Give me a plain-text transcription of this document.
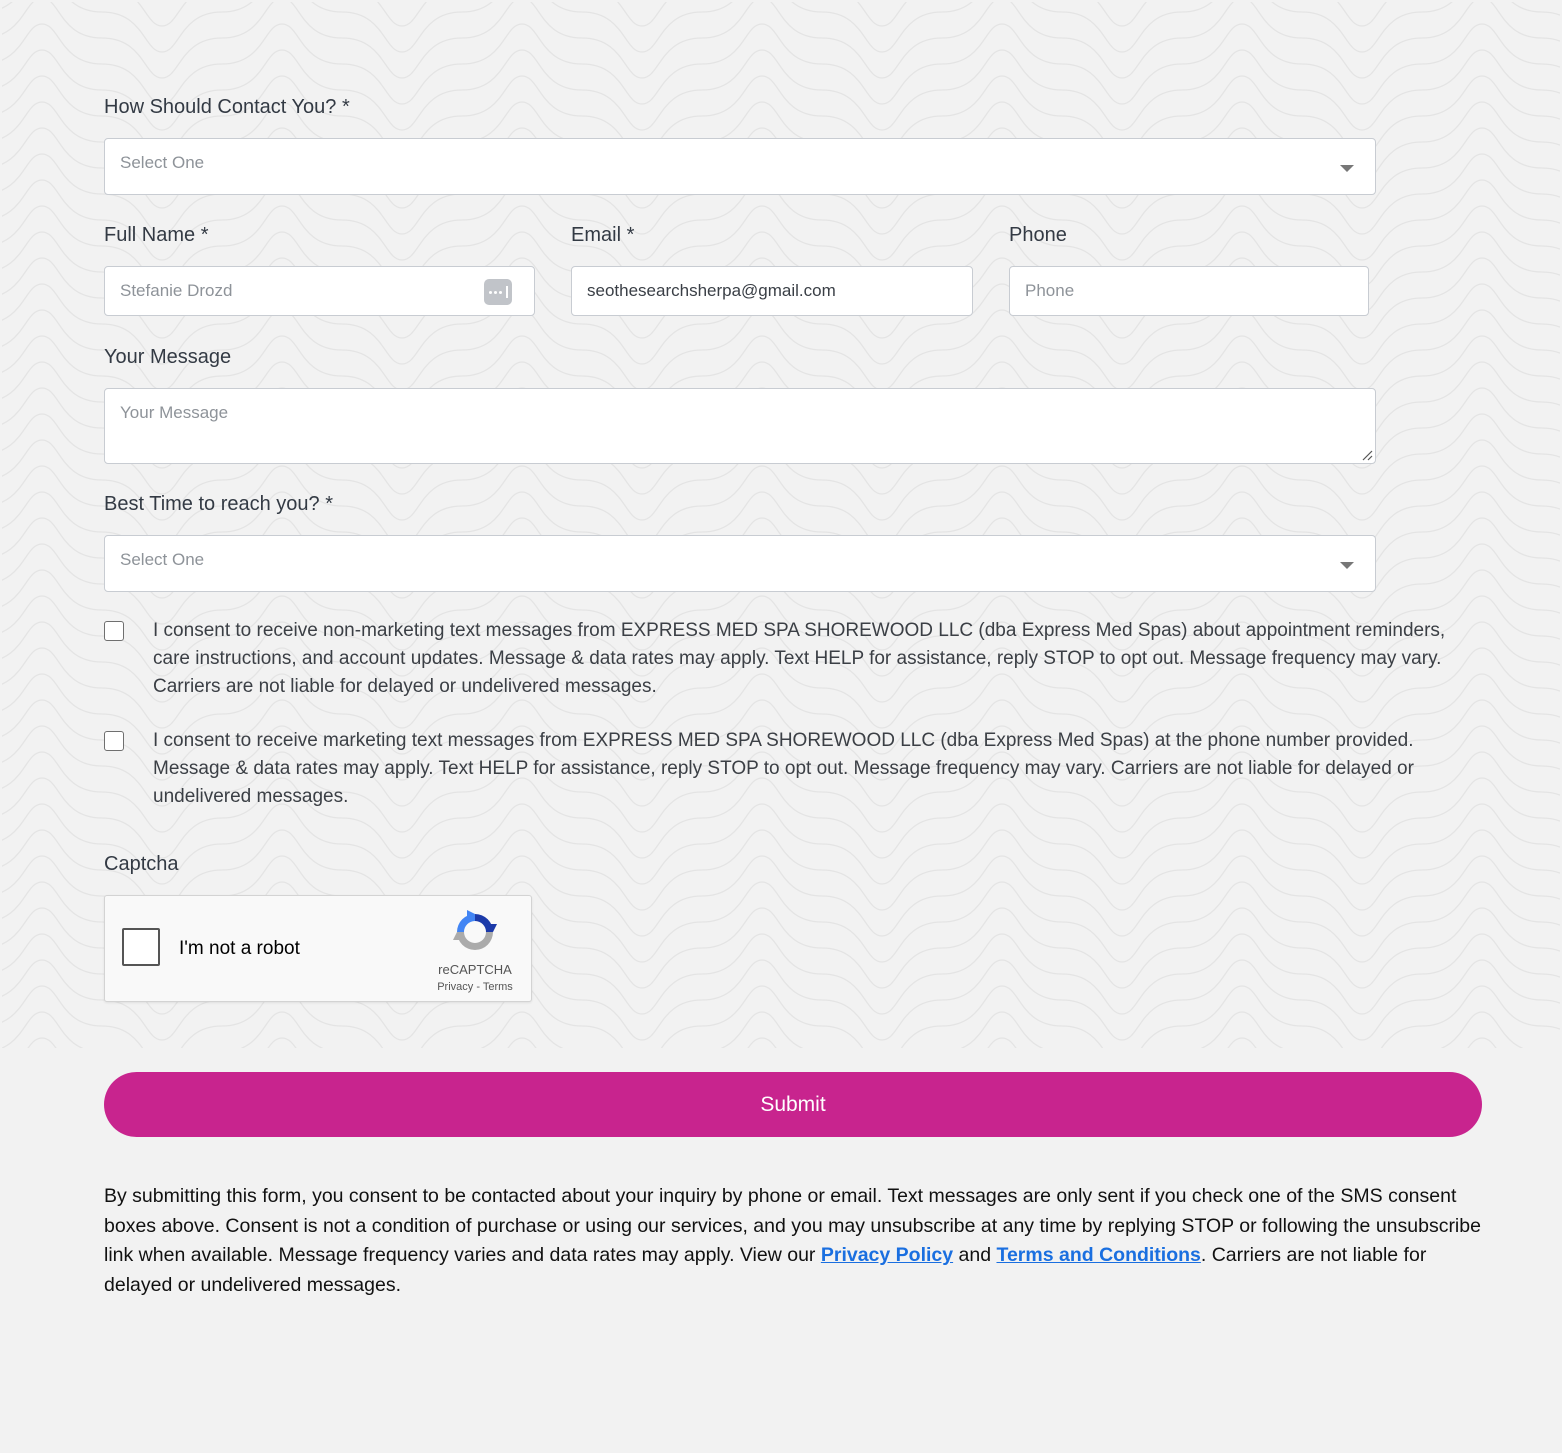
How Should Contact You? *
Select One
Full Name *
Stefanie Drozd
Email *
seothesearchsherpa@gmail.com
Phone
Phone
Your Message
Your Message
Best Time to reach you? *
Select One
I consent to receive non-marketing text messages from EXPRESS MED SPA SHOREWOOD LLC (dba Express Med Spas) about appointment reminders, care instructions, and account updates. Message & data rates may apply. Text HELP for assistance, reply STOP to opt out. Message frequency may vary. Carriers are not liable for delayed or undelivered messages.
I consent to receive marketing text messages from EXPRESS MED SPA SHOREWOOD LLC (dba Express Med Spas) at the phone number provided. Message & data rates may apply. Text HELP for assistance, reply STOP to opt out. Message frequency may vary. Carriers are not liable for delayed or undelivered messages.
Captcha
I'm not a robot
reCAPTCHA
Privacy - Terms
Submit

By submitting this form, you consent to be contacted about your inquiry by phone or email. Text messages are only sent if you check one of the SMS consent boxes above. Consent is not a condition of purchase or using our services, and you may unsubscribe at any time by replying STOP or following the unsubscribe link when available. Message frequency varies and data rates may apply. View our Privacy Policy and Terms and Conditions. Carriers are not liable for delayed or undelivered messages.
